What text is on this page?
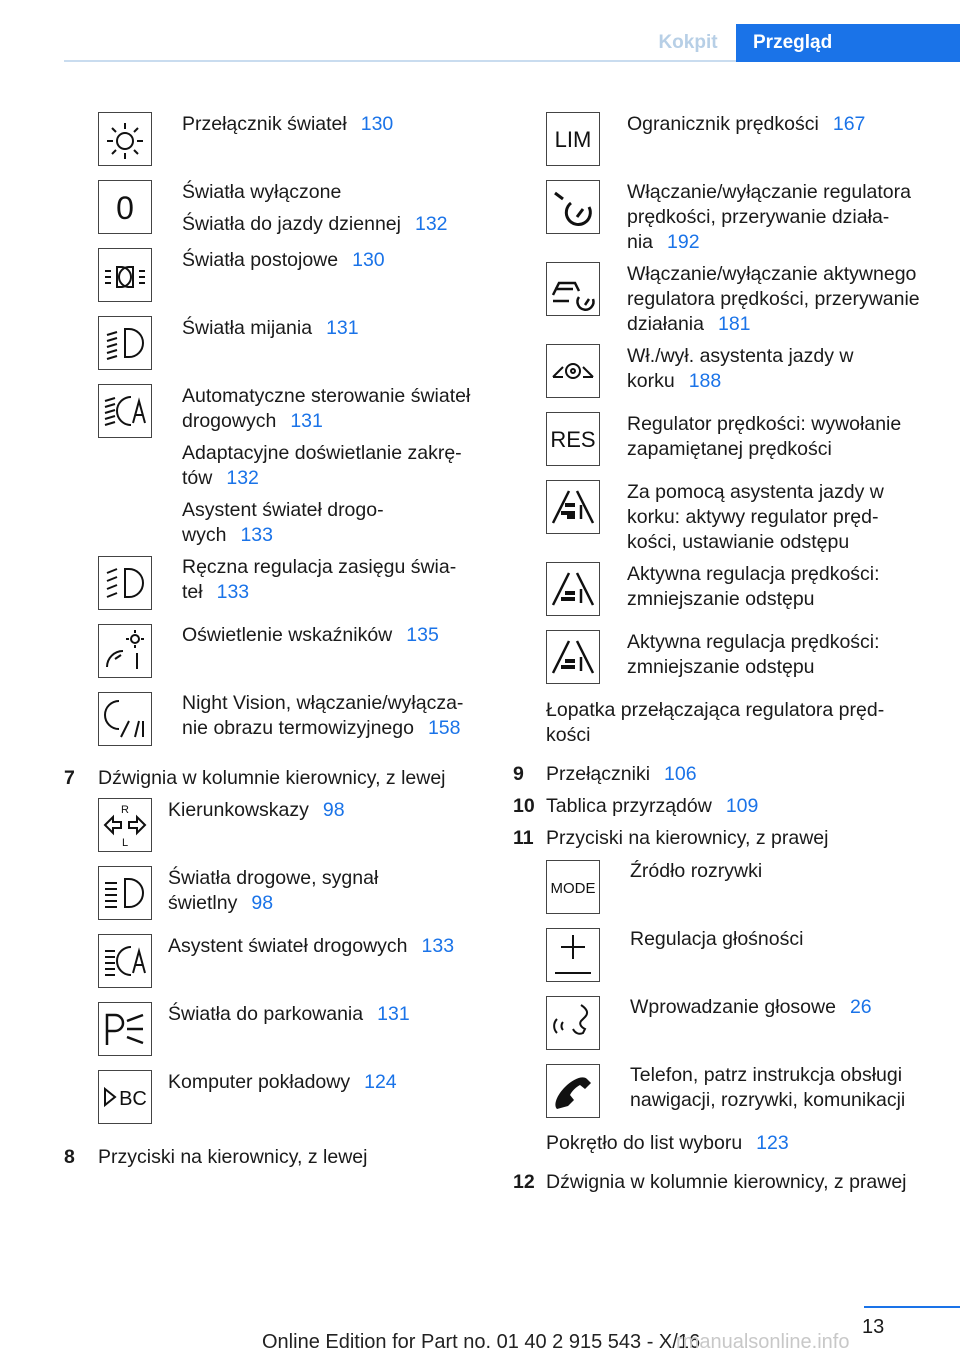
Kokpit	Przegląd
0
Przełącznik świateł 130
Światła wyłączone
Światła do jazdy dziennej 132
Światła postojowe 130
Światła mijania 131
Automatyczne sterowanie świateł
drogowych 131
Adaptacyjne doświetlanie zakrę-
tów 132
Asystent świateł drogo-
wych 133
Ręczna regulacja zasięgu świa-
teł 133
Oświetlenie wskaźników 135
Night Vision, włączanie/wyłącza-
nie obrazu termowizyjnego 158
7 Dźwignia w kolumnie kierownicy, z lewej
R
L
BC
Kierunkowskazy 98
Światła drogowe, sygnał
świetlny 98
Asystent świateł drogowych 133
Światła do parkowania 131
Komputer pokładowy 124
8 Przyciski na kierownicy, z lewej
LIM
RES
Ogranicznik prędkości 167
Włączanie/wyłączanie regulatora
prędkości, przerywanie działa-
nia 192
Włączanie/wyłączanie aktywnego
regulatora prędkości, przerywanie
działania 181
Wł./wył. asystenta jazdy w
korku 188
Regulator prędkości: wywołanie
zapamiętanej prędkości
Za pomocą asystenta jazdy w
korku: aktywy regulator pręd-
kości, ustawianie odstępu
Aktywna regulacja prędkości:
zmniejszanie odstępu
Aktywna regulacja prędkości:
zmniejszanie odstępu
Łopatka przełączająca regulatora pręd-
kości
9 Przełączniki 106
10 Tablica przyrządów 109
11 Przyciski na kierownicy, z prawej
MODE
Źródło rozrywki
Regulacja głośności
Wprowadzanie głosowe 26
Telefon, patrz instrukcja obsługi
nawigacji, rozrywki, komunikacji
Pokrętło do list wyboru 123
12 Dźwignia w kolumnie kierownicy, z prawej
13
Online Edition for Part no. 01 40 2 915 543 - X/16
rmanualsonline.info
